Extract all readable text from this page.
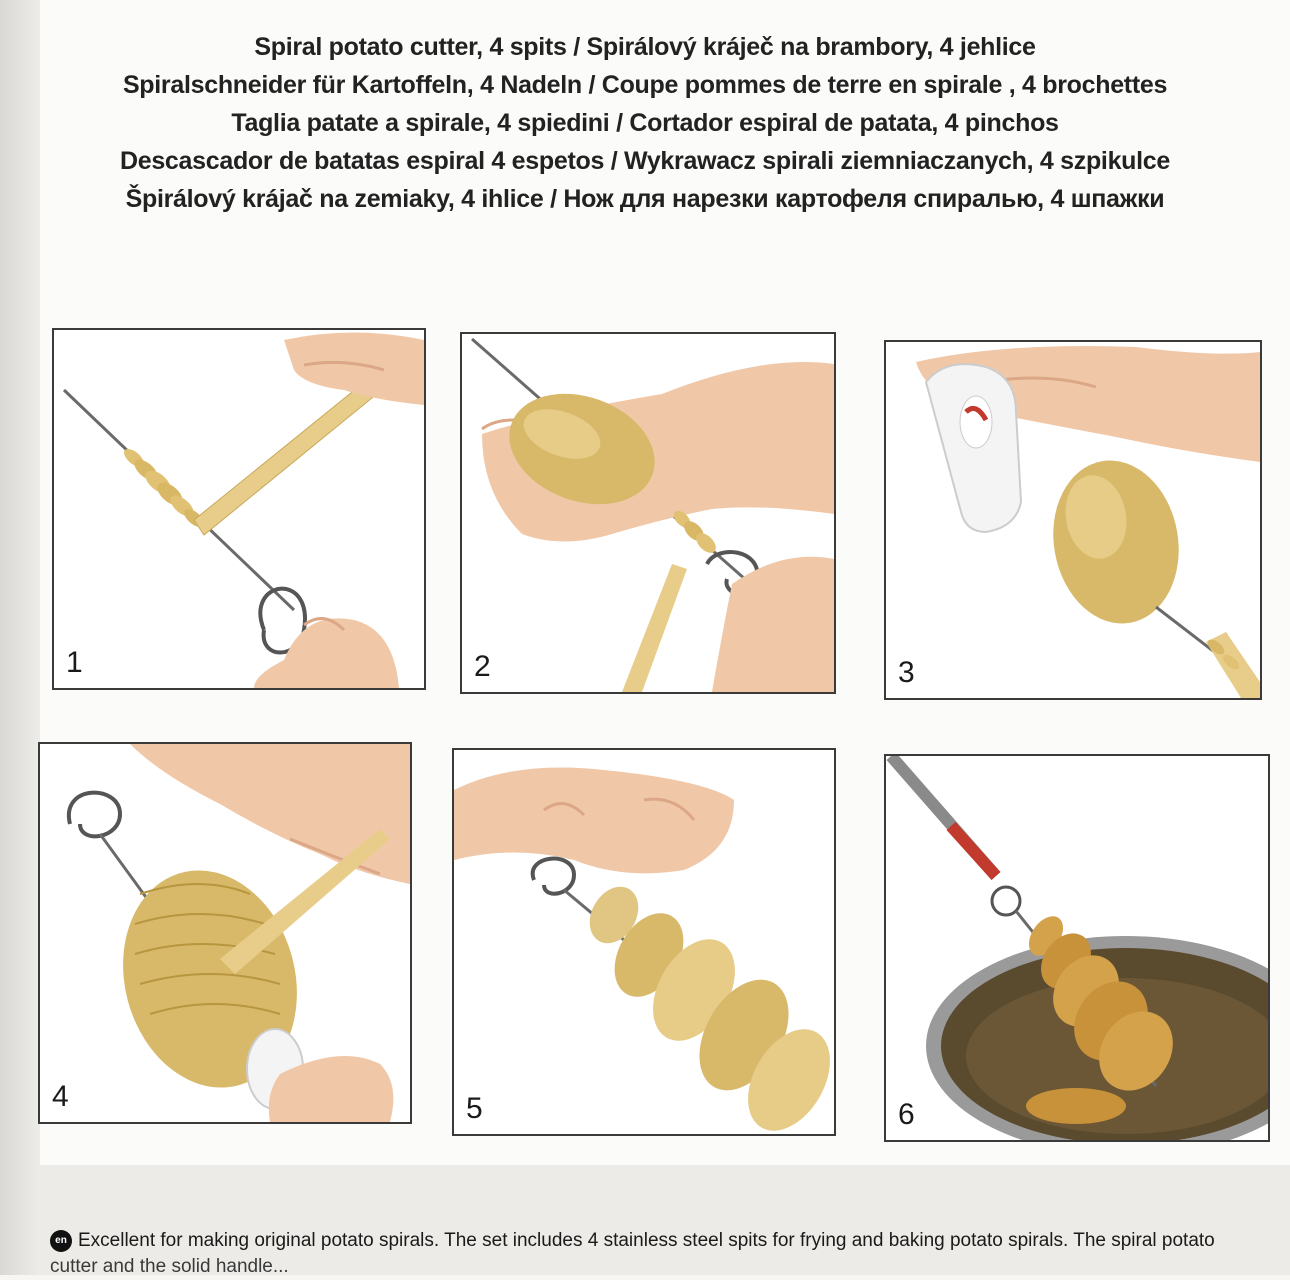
Spiral potato cutter, 4 spits / Spirálový kráječ na brambory, 4 jehlice
Spiralschneider für Kartoffeln, 4 Nadeln / Coupe pommes de terre en spirale , 4 brochettes
Taglia patate a spirale, 4 spiedini / Cortador espiral de patata, 4 pinchos
Descascador de batatas espiral 4 espetos / Wykrawacz spirali ziemniaczanych, 4 szpikulce
Špirálový krájač na zemiaky, 4 ihlice / Нож для нарезки картофеля спиралью, 4 шпажки
1	2	3
4	5	6
en Excellent for making original potato spirals. The set includes 4 stainless steel spits for frying and baking potato spirals. The spiral potato
cutter and the solid handle...
